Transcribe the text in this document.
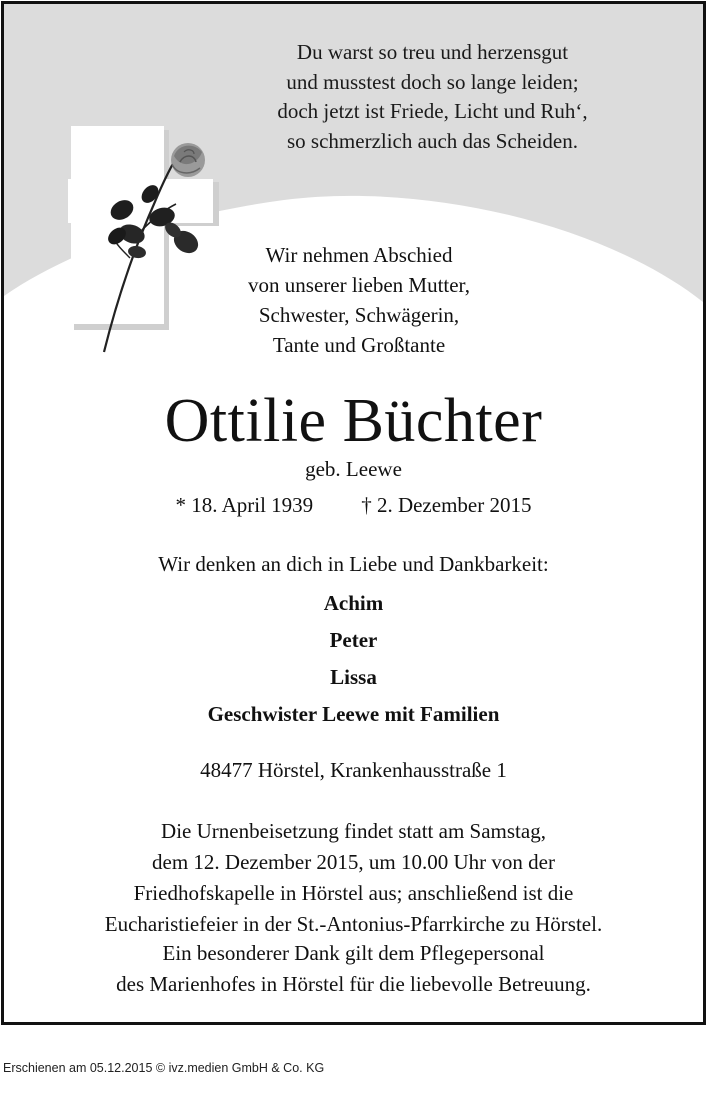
Du warst so treu und herzensgut
und musstest doch so lange leiden;
doch jetzt ist Friede, Licht und Ruh‘,
so schmerzlich auch das Scheiden.
Wir nehmen Abschied
von unserer lieben Mutter,
Schwester, Schwägerin,
Tante und Großtante
Ottilie Büchter
geb. Leewe
* 18. April 1939 † 2. Dezember 2015
Wir denken an dich in Liebe und Dankbarkeit:
Achim
Peter
Lissa
Geschwister Leewe mit Familien
48477 Hörstel, Krankenhausstraße 1
Die Urnenbeisetzung findet statt am Samstag,
dem 12. Dezember 2015, um 10.00 Uhr von der
Friedhofskapelle in Hörstel aus; anschließend ist die
Eucharistiefeier in der St.-Antonius-Pfarrkirche zu Hörstel.
Ein besonderer Dank gilt dem Pflegepersonal
des Marienhofes in Hörstel für die liebevolle Betreuung.
Erschienen am 05.12.2015 © ivz.medien GmbH & Co. KG
